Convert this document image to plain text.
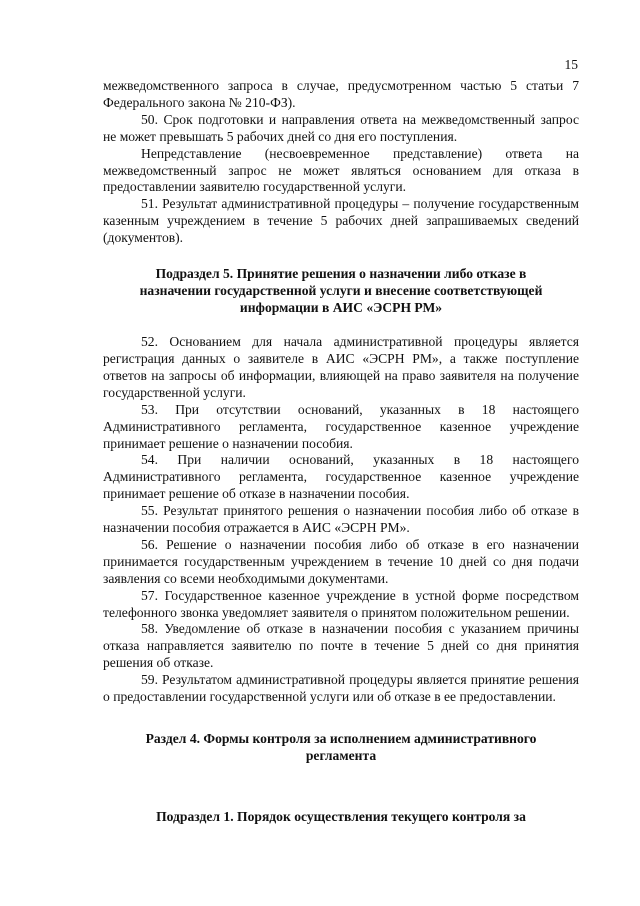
15

межведомственного запроса в случае, предусмотренном частью 5 статьи 7 Федерального закона № 210-ФЗ).

50. Срок подготовки и направления ответа на межведомственный запрос не может превышать 5 рабочих дней со дня его поступления.

Непредставление (несвоевременное представление) ответа на межведомственный запрос не может являться основанием для отказа в предоставлении заявителю государственной услуги.

51. Результат административной процедуры – получение государственным казенным учреждением в течение 5 рабочих дней запрашиваемых сведений (документов).

Подраздел 5. Принятие решения о назначении либо отказе в назначении государственной услуги и внесение соответствующей информации в АИС «ЭСРН РМ»

52. Основанием для начала административной процедуры является регистрация данных о заявителе в АИС «ЭСРН РМ», а также поступление ответов на запросы об информации, влияющей на право заявителя на получение государственной услуги.

53. При отсутствии оснований, указанных в 18 настоящего Административного регламента, государственное казенное учреждение принимает решение о назначении пособия.

54. При наличии оснований, указанных в 18 настоящего Административного регламента, государственное казенное учреждение принимает решение об отказе в назначении пособия.

55. Результат принятого решения о назначении пособия либо об отказе в назначении пособия отражается в АИС «ЭСРН РМ».

56. Решение о назначении пособия либо об отказе в его назначении принимается государственным учреждением в течение 10 дней со дня подачи заявления со всеми необходимыми документами.

57. Государственное казенное учреждение в устной форме посредством телефонного звонка уведомляет заявителя о принятом положительном решении.

58. Уведомление об отказе в назначении пособия с указанием причины отказа направляется заявителю по почте в течение 5 дней со дня принятия решения об отказе.

59. Результатом административной процедуры является принятие решения о предоставлении государственной услуги или об отказе в ее предоставлении.

Раздел 4. Формы контроля за исполнением административного регламента

Подраздел 1. Порядок осуществления текущего контроля за
